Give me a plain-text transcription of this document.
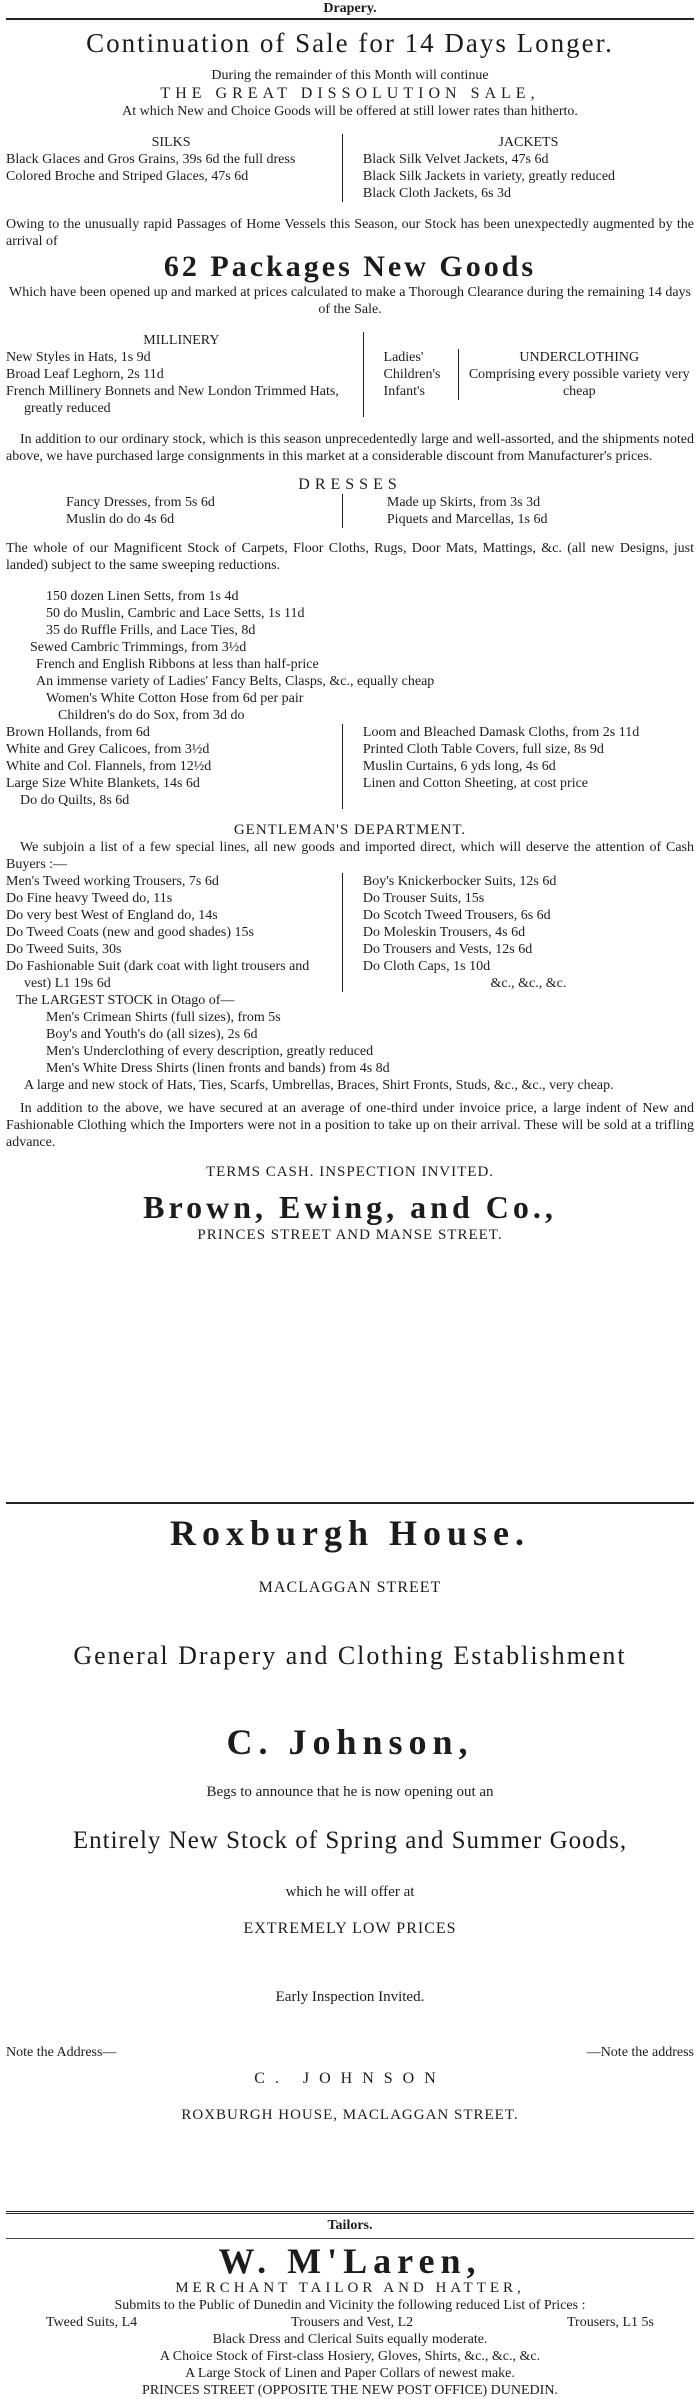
Drapery.
Continuation of Sale for 14 Days Longer.
During the remainder of this Month will continue
THE GREAT DISSOLUTION SALE,
At which New and Choice Goods will be offered at still lower rates than hitherto.
SILKS
Black Glaces and Gros Grains, 39s 6d the full dress
Colored Broche and Striped Glaces, 47s 6d
JACKETS
Black Silk Velvet Jackets, 47s 6d
Black Silk Jackets in variety, greatly reduced
Black Cloth Jackets, 6s 3d
Owing to the unusually rapid Passages of Home Vessels this Season, our Stock has been unexpectedly augmented by the arrival of
62 Packages New Goods
Which have been opened up and marked at prices calculated to make a Thorough Clearance during the remaining 14 days of the Sale.
MILLINERY
New Styles in Hats, 1s 9d
Broad Leaf Leghorn, 2s 11d
French Millinery Bonnets and New London Trimmed Hats, greatly reduced
Ladies'
Children's
Infant's
UNDERCLOTHING
Comprising every possible variety very cheap
In addition to our ordinary stock, which is this season unprecedentedly large and well-assorted, and the shipments noted above, we have purchased large consignments in this market at a considerable discount from Manufacturer's prices.
DRESSES
Fancy Dresses, from 5s 6d
Muslin do do 4s 6d
Made up Skirts, from 3s 3d
Piquets and Marcellas, 1s 6d
The whole of our Magnificent Stock of Carpets, Floor Cloths, Rugs, Door Mats, Mattings, &c. (all new Designs, just landed) subject to the same sweeping reductions.
150 dozen Linen Setts, from 1s 4d
50 do Muslin, Cambric and Lace Setts, 1s 11d
35 do Ruffle Frills, and Lace Ties, 8d
Sewed Cambric Trimmings, from 3½d
French and English Ribbons at less than half-price
An immense variety of Ladies' Fancy Belts, Clasps, &c., equally cheap
Women's White Cotton Hose from 6d per pair
Children's do do Sox, from 3d do
Brown Hollands, from 6d
White and Grey Calicoes, from 3½d
White and Col. Flannels, from 12½d
Large Size White Blankets, 14s 6d
Do do Quilts, 8s 6d
Loom and Bleached Damask Cloths, from 2s 11d
Printed Cloth Table Covers, full size, 8s 9d
Muslin Curtains, 6 yds long, 4s 6d
Linen and Cotton Sheeting, at cost price
GENTLEMAN'S DEPARTMENT.
We subjoin a list of a few special lines, all new goods and imported direct, which will deserve the attention of Cash Buyers :—
Men's Tweed working Trousers, 7s 6d
Do Fine heavy Tweed do, 11s
Do very best West of England do, 14s
Do Tweed Coats (new and good shades) 15s
Do Tweed Suits, 30s
Do Fashionable Suit (dark coat with light trousers and vest) L1 19s 6d
Boy's Knickerbocker Suits, 12s 6d
Do Trouser Suits, 15s
Do Scotch Tweed Trousers, 6s 6d
Do Moleskin Trousers, 4s 6d
Do Trousers and Vests, 12s 6d
Do Cloth Caps, 1s 10d
&c., &c., &c.
The LARGEST STOCK in Otago of—
Men's Crimean Shirts (full sizes), from 5s
Boy's and Youth's do (all sizes), 2s 6d
Men's Underclothing of every description, greatly reduced
Men's White Dress Shirts (linen fronts and bands) from 4s 8d
A large and new stock of Hats, Ties, Scarfs, Umbrellas, Braces, Shirt Fronts, Studs, &c., &c., very cheap.
In addition to the above, we have secured at an average of one-third under invoice price, a large indent of New and Fashionable Clothing which the Importers were not in a position to take up on their arrival. These will be sold at a trifling advance.
TERMS CASH. INSPECTION INVITED.
Brown, Ewing, and Co.,
PRINCES STREET AND MANSE STREET.
Roxburgh House.
MACLAGGAN STREET
General Drapery and Clothing Establishment
C. Johnson,
Begs to announce that he is now opening out an
Entirely New Stock of Spring and Summer Goods,
which he will offer at
EXTREMELY LOW PRICES
Early Inspection Invited.
Note the Address—	—Note the address
C. JOHNSON
ROXBURGH HOUSE, MACLAGGAN STREET.
Tailors.
W. M'Laren,
MERCHANT TAILOR AND HATTER,
Submits to the Public of Dunedin and Vicinity the following reduced List of Prices :
Tweed Suits, L4	Trousers and Vest, L2	Trousers, L1 5s
Black Dress and Clerical Suits equally moderate.
A Choice Stock of First-class Hosiery, Gloves, Shirts, &c., &c., &c.
A Large Stock of Linen and Paper Collars of newest make.
PRINCES STREET (OPPOSITE THE NEW POST OFFICE) DUNEDIN.
